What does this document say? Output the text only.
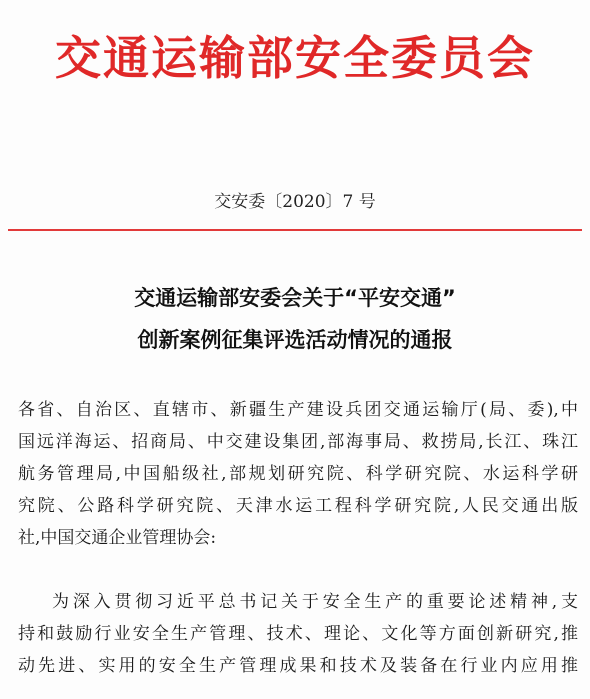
交通运输部安全委员会
交安委〔2020〕7 号
交通运输部安委会关于“平安交通”
创新案例征集评选活动情况的通报
各省、自治区、直辖市、新疆生产建设兵团交通运输厅(局、委),中
国远洋海运、招商局、中交建设集团,部海事局、救捞局,长江、珠江
航务管理局,中国船级社,部规划研究院、科学研究院、水运科学研
究院、公路科学研究院、天津水运工程科学研究院,人民交通出版
社,中国交通企业管理协会:
为深入贯彻习近平总书记关于安全生产的重要论述精神,支
持和鼓励行业安全生产管理、技术、理论、文化等方面创新研究,推
动先进、实用的安全生产管理成果和技术及装备在行业内应用推
